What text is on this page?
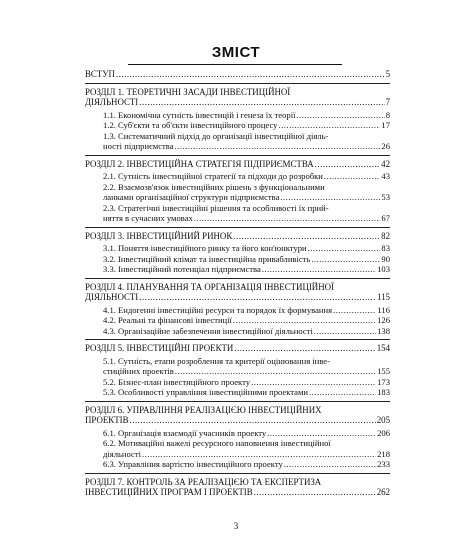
ЗМІСТ
ВСТУП .....	5
РОЗДІЛ 1. ТЕОРЕТИЧНІ ЗАСАДИ ІНВЕСТИЦІЙНОЇ
ДІЯЛЬНОСТІ .....	7
1.1. Економічна сутність інвестицій і генеза їх теорії .....	8
1.2. Суб'єкти та об'єкти інвестиційного процесу .....	17
1.3. Систематичний підхід до організації інвестиційної діяль-
ності підприємства .....	26
РОЗДІЛ 2. ІНВЕСТИЦІЙНА СТРАТЕГІЯ ПІДПРИЄМСТВА .....	42
2.1. Сутність інвестиційної стратегії та підходи до розробки .....	43
2.2. Взаємозв'язок інвестиційних рішень з функціональними
ланками організаційної структури підприємства .....	53
2.3. Стратегічні інвестиційні рішення та особливості їх прий-
няття в сучасних умовах .....	67
РОЗДІЛ 3. ІНВЕСТИЦІЙНИЙ РИНОК .....	82
3.1. Поняття інвестиційного ринку та його кон'юнктури .....	83
3.2. Інвестиційний клімат та інвестиційна привабливість .....	90
3.3. Інвестиційний потенціал підприємства .....	103
РОЗДІЛ 4. ПЛАНУВАННЯ ТА ОРГАНІЗАЦІЯ ІНВЕСТИЦІЙНОЇ
ДІЯЛЬНОСТІ .....	115
4.1. Ендогенні інвестиційні ресурси та порядок їх формування .....	116
4.2. Реальні та фінансові інвестиції .....	126
4.3. Організаційне забезпечення інвестиційної діяльності .....	138
РОЗДІЛ 5. ІНВЕСТИЦІЙНІ ПРОЕКТИ .....	154
5.1. Сутність, етапи розроблення та критерії оцінювання інве-
стиційних проектів .....	155
5.2. Бізнес-план інвестиційного проекту .....	173
5.3. Особливості управління інвестиційними проектами .....	183
РОЗДІЛ 6. УПРАВЛІННЯ РЕАЛІЗАЦІЄЮ ІНВЕСТИЦІЙНИХ
ПРОЕКТІВ .....	205
6.1. Організація взаємодії учасників проекту .....	206
6.2. Мотиваційні важелі ресурсного наповнення інвестиційної
діяльності .....	218
6.3. Управління вартістю інвестиційного проекту .....	233
РОЗДІЛ 7. КОНТРОЛЬ ЗА РЕАЛІЗАЦІЄЮ ТА ЕКСПЕРТИЗА
ІНВЕСТИЦІЙНИХ ПРОГРАМ І ПРОЕКТІВ .....	262
3
